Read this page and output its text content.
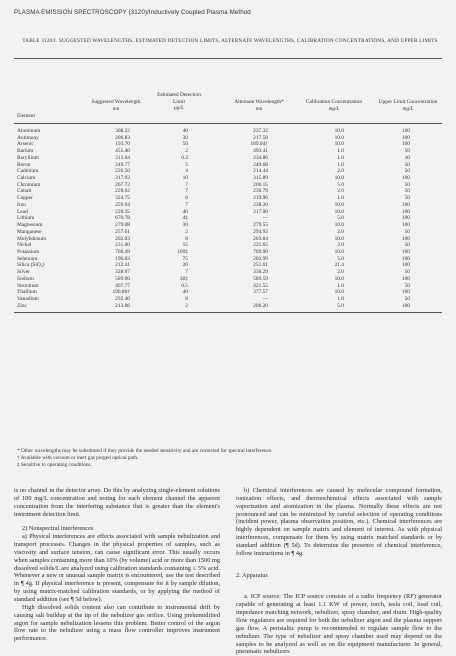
PLASMA EMISSION SPECTROSCOPY (3120)/Inductively Coupled Plasma Method
TABLE 3120:I. SUGGESTED WAVELENGTHS, ESTIMATED DETECTION LIMITS, ALTERNATE WAVELENGTHS, CALIBRATION CONCENTRATIONS, AND UPPER LIMITS
Element
Suggested Wavelength
nm
Estimated Detection Limit
μg/L
Alternate Wavelength*
nm
Calibration Concentration
mg/L
Upper Limit Concentration
mg/L
Aluminum
Antimony
Arsenic
Barium
Beryllium
Boron
Cadmium
Calcium
Chromium
Cobalt
Copper
Iron
Lead
Lithium
Magnesium
Manganese
Molybdenum
Nickel
Potassium
Selenium
Silica (SiO₂)
Silver
Sodium
Strontium
Thallium
Vanadium
Zinc
308.22
206.83
193.70
455.40
313.04
249.77
226.50
317.93
267.72
228.62
324.75
259.94
220.35
670.78
279.08
257.61
202.03
231.60
766.49
196.03
212.41
328.07
589.00
407.77
190.86†
292.40
213.86
40
30
50
2
0.3
5
4
10
7
7
6
7
40
4‡
30
2
8
15
100‡
75
20
7
30‡
0.5
40
8
2
237.32
217.58
189.04†
493.41
234.86
249.68
214.44
315.89
206.15
230.79
219.96
238.20
217.00
—
279.55
294.92
203.84
221.65
769.90
203.99
251.61
338.29
589.59
421.55
377.57
—
206.20
10.0
10.0
10.0
1.0
1.0
1.0
2.0
10.0
5.0
2.0
1.0
10.0
10.0
5.0
10.0
2.0
10.0
2.0
10.0
5.0
21.4
2.0
10.0
1.0
10.0
1.0
5.0
100
100
100
50
10
50
50
100
50
50
50
100
100
100
100
50
100
50
100
100
100
50
100
50
100
50
100
* Other wavelengths may be substituted if they provide the needed sensitivity and are corrected for spectral interference.
† Available with vacuum or inert gas purged optical path.
‡ Sensitive to operating conditions.

is no channel in the detector array. Do this by analyzing single-element solutions of 100 mg/L concentration and noting for each element channel the apparent concentration from the interfering substance that is greater than the element's instrument detection limit.

2) Nonspectral interferences

a) Physical interferences are effects associated with sample nebulization and transport processes. Changes in the physical properties of samples, such as viscosity and surface tension, can cause significant error. This usually occurs when samples containing more than 10% (by volume) acid or more than 1500 mg dissolved solids/L are analyzed using calibration standards containing ≤ 5% acid. Whenever a new or unusual sample matrix is encountered, use the test described in ¶ 4g. If physical interference is present, compensate for it by sample dilution, by using matrix-matched calibration standards, or by applying the method of standard addition (see ¶ 5d below).

High dissolved solids content also can contribute to instrumental drift by causing salt buildup at the tip of the nebulizer gas orifice. Using prehumidified argon for sample nebulization lessens this problem. Better control of the argon flow rate to the nebulizer using a mass flow controller improves instrument performance.

b) Chemical interferences are caused by molecular compound formation, ionization effects, and thermochemical effects associated with sample vaporization and atomization in the plasma. Normally these effects are not pronounced and can be minimized by careful selection of operating conditions (incident power, plasma observation position, etc.). Chemical interferences are highly dependent on sample matrix and element of interest. As with physical interferences, compensate for them by using matrix matched standards or by standard addition (¶ 5d). To determine the presence of chemical interference, follow instructions in ¶ 4g.

2. Apparatus

a. ICP source: The ICP source consists of a radio frequency (RF) generator capable of generating at least 1.1 KW of power, torch, tesla coil, load coil, impedance matching network, nebulizer, spray chamber, and drain. High-quality flow regulators are required for both the nebulizer argon and the plasma support gas flow. A peristaltic pump is recommended to regulate sample flow to the nebulizer. The type of nebulizer and spray chamber used may depend on the samples to be analyzed as well as on the equipment manufacturer. In general, pneumatic nebulizers
